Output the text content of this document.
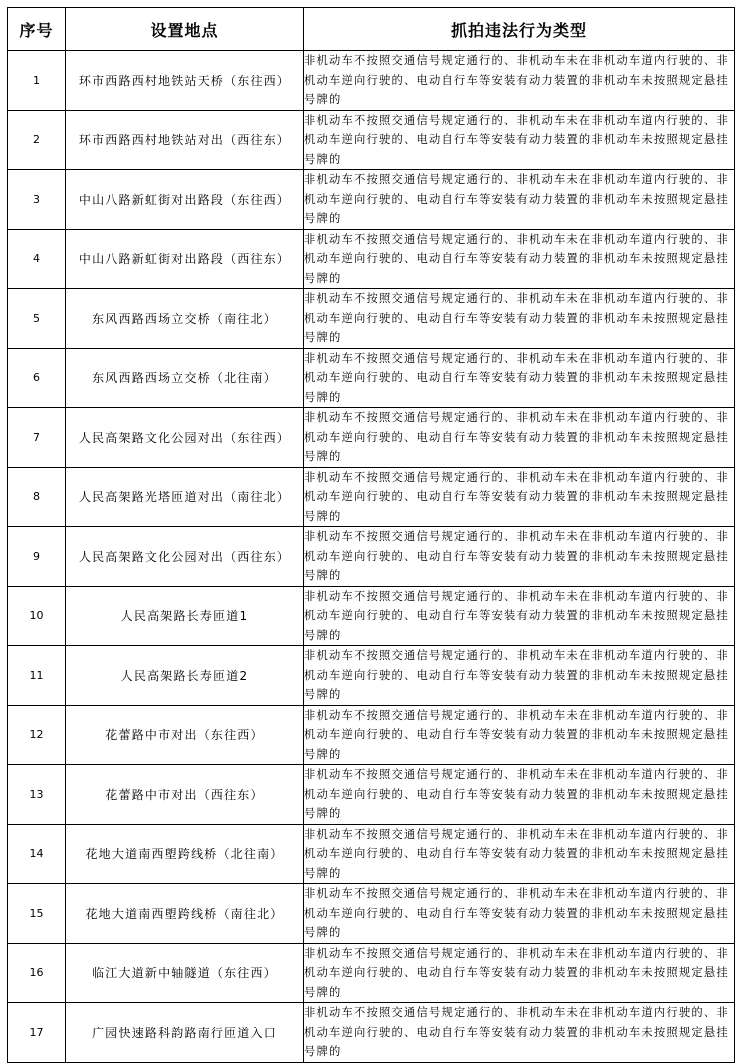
序号	设置地点	抓拍违法行为类型
1	环市西路西村地铁站天桥（东往西）	非机动车不按照交通信号规定通行的、非机动车未在非机动车道内行驶的、非机动车逆向行驶的、电动自行车等安装有动力装置的非机动车未按照规定悬挂号牌的
2	环市西路西村地铁站对出（西往东）	非机动车不按照交通信号规定通行的、非机动车未在非机动车道内行驶的、非机动车逆向行驶的、电动自行车等安装有动力装置的非机动车未按照规定悬挂号牌的
3	中山八路新虹街对出路段（东往西）	非机动车不按照交通信号规定通行的、非机动车未在非机动车道内行驶的、非机动车逆向行驶的、电动自行车等安装有动力装置的非机动车未按照规定悬挂号牌的
4	中山八路新虹街对出路段（西往东）	非机动车不按照交通信号规定通行的、非机动车未在非机动车道内行驶的、非机动车逆向行驶的、电动自行车等安装有动力装置的非机动车未按照规定悬挂号牌的
5	东风西路西场立交桥（南往北）	非机动车不按照交通信号规定通行的、非机动车未在非机动车道内行驶的、非机动车逆向行驶的、电动自行车等安装有动力装置的非机动车未按照规定悬挂号牌的
6	东风西路西场立交桥（北往南）	非机动车不按照交通信号规定通行的、非机动车未在非机动车道内行驶的、非机动车逆向行驶的、电动自行车等安装有动力装置的非机动车未按照规定悬挂号牌的
7	人民高架路文化公园对出（东往西）	非机动车不按照交通信号规定通行的、非机动车未在非机动车道内行驶的、非机动车逆向行驶的、电动自行车等安装有动力装置的非机动车未按照规定悬挂号牌的
8	人民高架路光塔匝道对出（南往北）	非机动车不按照交通信号规定通行的、非机动车未在非机动车道内行驶的、非机动车逆向行驶的、电动自行车等安装有动力装置的非机动车未按照规定悬挂号牌的
9	人民高架路文化公园对出（西往东）	非机动车不按照交通信号规定通行的、非机动车未在非机动车道内行驶的、非机动车逆向行驶的、电动自行车等安装有动力装置的非机动车未按照规定悬挂号牌的
10	人民高架路长寿匝道1	非机动车不按照交通信号规定通行的、非机动车未在非机动车道内行驶的、非机动车逆向行驶的、电动自行车等安装有动力装置的非机动车未按照规定悬挂号牌的
11	人民高架路长寿匝道2	非机动车不按照交通信号规定通行的、非机动车未在非机动车道内行驶的、非机动车逆向行驶的、电动自行车等安装有动力装置的非机动车未按照规定悬挂号牌的
12	花蕾路中市对出（东往西）	非机动车不按照交通信号规定通行的、非机动车未在非机动车道内行驶的、非机动车逆向行驶的、电动自行车等安装有动力装置的非机动车未按照规定悬挂号牌的
13	花蕾路中市对出（西往东）	非机动车不按照交通信号规定通行的、非机动车未在非机动车道内行驶的、非机动车逆向行驶的、电动自行车等安装有动力装置的非机动车未按照规定悬挂号牌的
14	花地大道南西塱跨线桥（北往南）	非机动车不按照交通信号规定通行的、非机动车未在非机动车道内行驶的、非机动车逆向行驶的、电动自行车等安装有动力装置的非机动车未按照规定悬挂号牌的
15	花地大道南西塱跨线桥（南往北）	非机动车不按照交通信号规定通行的、非机动车未在非机动车道内行驶的、非机动车逆向行驶的、电动自行车等安装有动力装置的非机动车未按照规定悬挂号牌的
16	临江大道新中轴隧道（东往西）	非机动车不按照交通信号规定通行的、非机动车未在非机动车道内行驶的、非机动车逆向行驶的、电动自行车等安装有动力装置的非机动车未按照规定悬挂号牌的
17	广园快速路科韵路南行匝道入口	非机动车不按照交通信号规定通行的、非机动车未在非机动车道内行驶的、非机动车逆向行驶的、电动自行车等安装有动力装置的非机动车未按照规定悬挂号牌的
